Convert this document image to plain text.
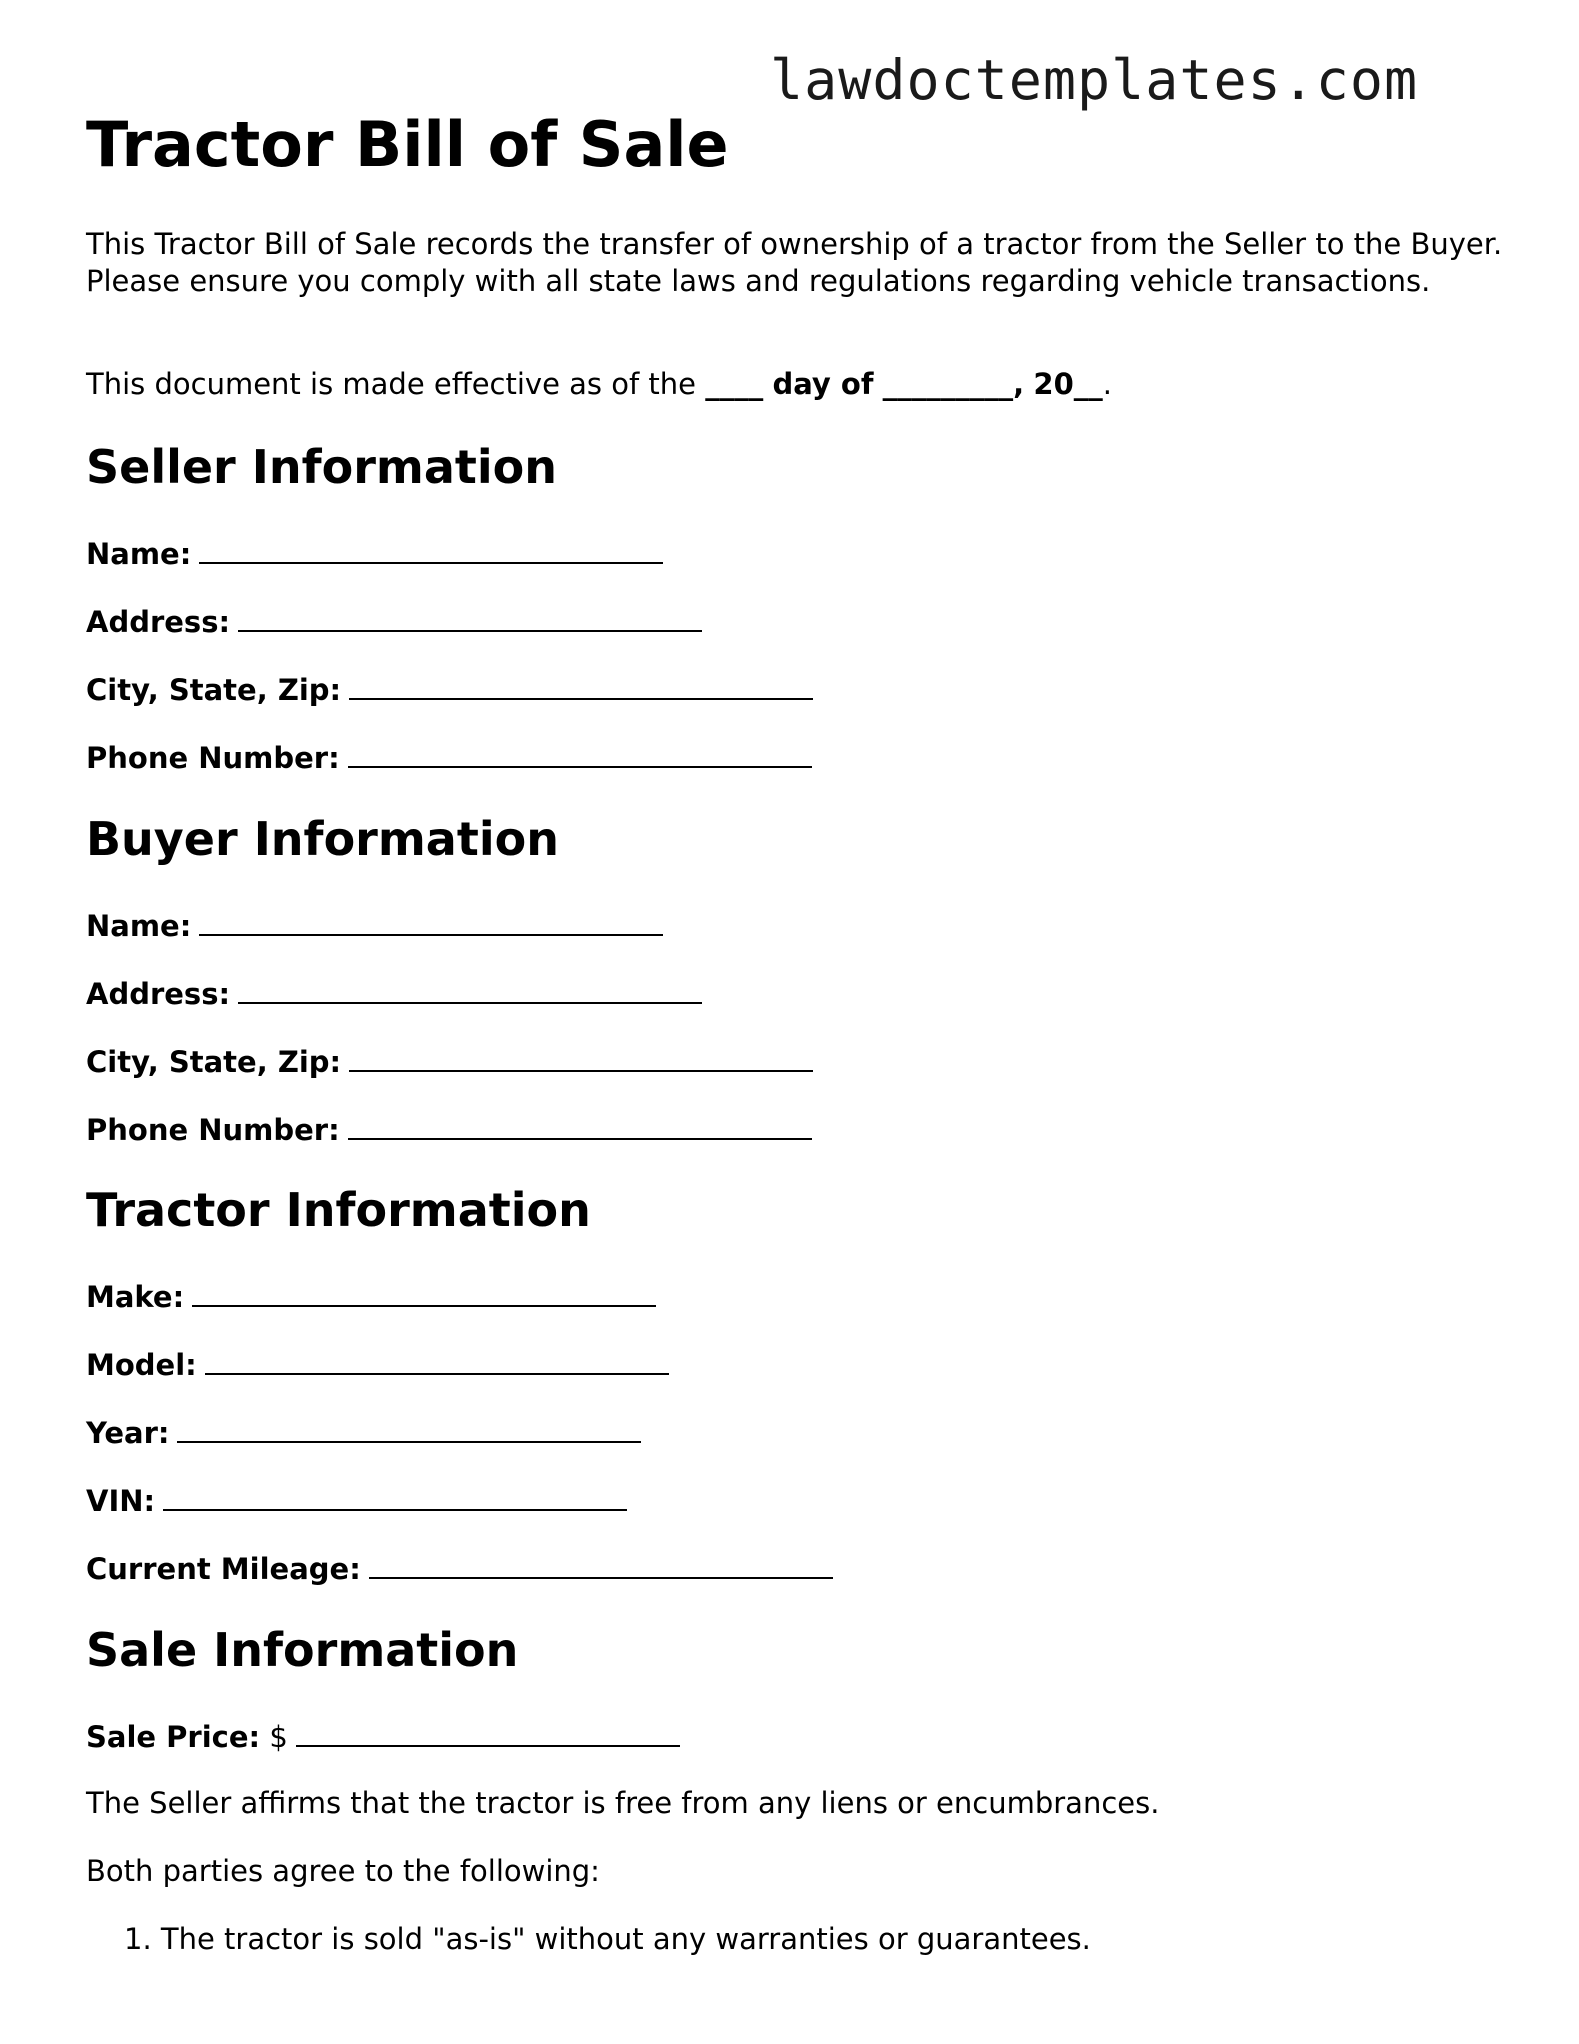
lawdoctemplates.com
Tractor Bill of Sale

This Tractor Bill of Sale records the transfer of ownership of a tractor from the Seller to the Buyer. Please ensure you comply with all state laws and regulations regarding vehicle transactions.

This document is made effective as of the ____ day of _________, 20__.

Seller Information
Name:
Address:
City, State, Zip:
Phone Number:
Buyer Information
Name:
Address:
City, State, Zip:
Phone Number:
Tractor Information
Make:
Model:
Year:
VIN:
Current Mileage:
Sale Information
Sale Price: $

The Seller affirms that the tractor is free from any liens or encumbrances.

Both parties agree to the following:

1. The tractor is sold "as-is" without any warranties or guarantees.
